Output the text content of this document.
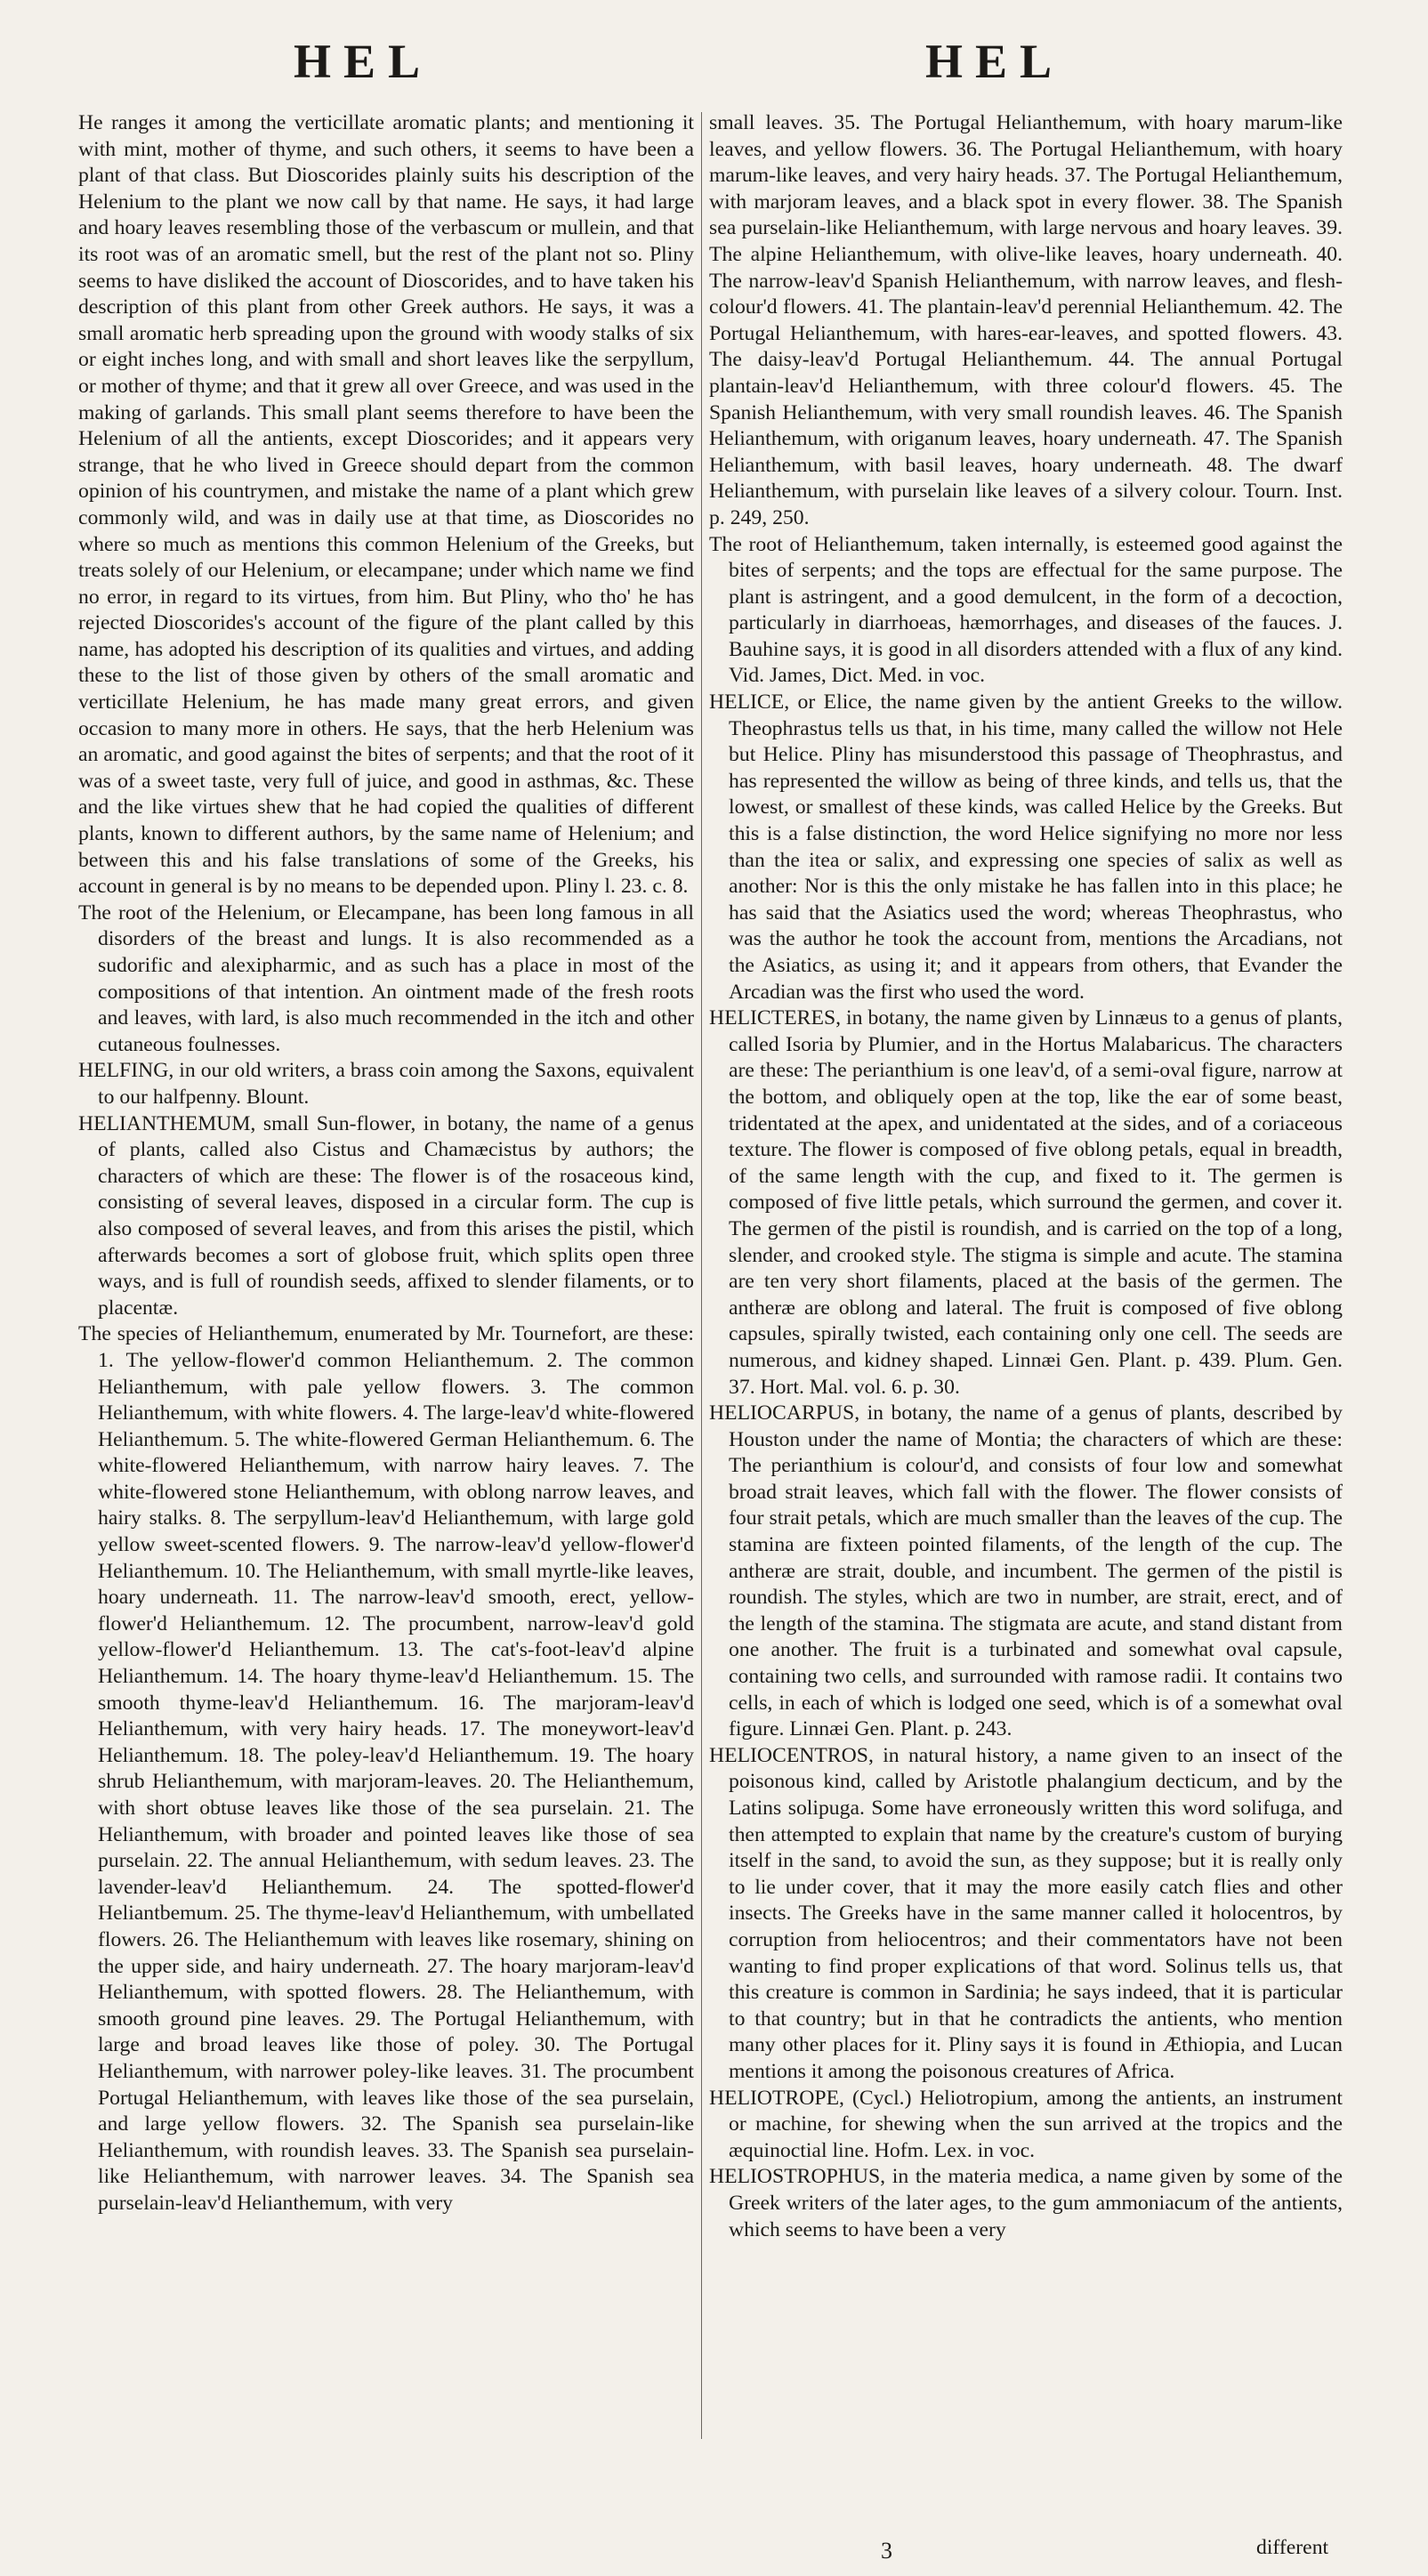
HEL	HEL

He ranges it among the verticillate aromatic plants; and mentioning it with mint, mother of thyme, and such others, it seems to have been a plant of that class. But Dioscorides plainly suits his description of the Helenium to the plant we now call by that name. He says, it had large and hoary leaves resembling those of the verbascum or mullein, and that its root was of an aromatic smell, but the rest of the plant not so. Pliny seems to have disliked the account of Dioscorides, and to have taken his description of this plant from other Greek authors. He says, it was a small aromatic herb spreading upon the ground with woody stalks of six or eight inches long, and with small and short leaves like the serpyllum, or mother of thyme; and that it grew all over Greece, and was used in the making of garlands. This small plant seems therefore to have been the Helenium of all the antients, except Dioscorides; and it appears very strange, that he who lived in Greece should depart from the common opinion of his countrymen, and mistake the name of a plant which grew commonly wild, and was in daily use at that time, as Dioscorides no where so much as mentions this common Helenium of the Greeks, but treats solely of our Helenium, or elecampane; under which name we find no error, in regard to its virtues, from him. But Pliny, who tho' he has rejected Dioscorides's account of the figure of the plant called by this name, has adopted his description of its qualities and virtues, and adding these to the list of those given by others of the small aromatic and verticillate Helenium, he has made many great errors, and given occasion to many more in others. He says, that the herb Helenium was an aromatic, and good against the bites of serpents; and that the root of it was of a sweet taste, very full of juice, and good in asthmas, &c. These and the like virtues shew that he had copied the qualities of different plants, known to different authors, by the same name of Helenium; and between this and his false translations of some of the Greeks, his account in general is by no means to be depended upon. Pliny l. 23. c. 8.

The root of the Helenium, or Elecampane, has been long famous in all disorders of the breast and lungs. It is also recommended as a sudorific and alexipharmic, and as such has a place in most of the compositions of that intention. An ointment made of the fresh roots and leaves, with lard, is also much recommended in the itch and other cutaneous foulnesses.

HELFING, in our old writers, a brass coin among the Saxons, equivalent to our halfpenny. Blount.

HELIANTHEMUM, small Sun-flower, in botany, the name of a genus of plants, called also Cistus and Chamæcistus by authors; the characters of which are these: The flower is of the rosaceous kind, consisting of several leaves, disposed in a circular form. The cup is also composed of several leaves, and from this arises the pistil, which afterwards becomes a sort of globose fruit, which splits open three ways, and is full of roundish seeds, affixed to slender filaments, or to placentæ.

The species of Helianthemum, enumerated by Mr. Tournefort, are these: 1. The yellow-flower'd common Helianthemum. 2. The common Helianthemum, with pale yellow flowers. 3. The common Helianthemum, with white flowers. 4. The large-leav'd white-flowered Helianthemum. 5. The white-flowered German Helianthemum. 6. The white-flowered Helianthemum, with narrow hairy leaves. 7. The white-flowered stone Helianthemum, with oblong narrow leaves, and hairy stalks. 8. The serpyllum-leav'd Helianthemum, with large gold yellow sweet-scented flowers. 9. The narrow-leav'd yellow-flower'd Helianthemum. 10. The Helianthemum, with small myrtle-like leaves, hoary underneath. 11. The narrow-leav'd smooth, erect, yellow-flower'd Helianthemum. 12. The procumbent, narrow-leav'd gold yellow-flower'd Helianthemum. 13. The cat's-foot-leav'd alpine Helianthemum. 14. The hoary thyme-leav'd Helianthemum. 15. The smooth thyme-leav'd Helianthemum. 16. The marjoram-leav'd Helianthemum, with very hairy heads. 17. The moneywort-leav'd Helianthemum. 18. The poley-leav'd Helianthemum. 19. The hoary shrub Helianthemum, with marjoram-leaves. 20. The Helianthemum, with short obtuse leaves like those of the sea purselain. 21. The Helianthemum, with broader and pointed leaves like those of sea purselain. 22. The annual Helianthemum, with sedum leaves. 23. The lavender-leav'd Helianthemum. 24. The spotted-flower'd Heliantbemum. 25. The thyme-leav'd Helianthemum, with umbellated flowers. 26. The Helianthemum with leaves like rosemary, shining on the upper side, and hairy underneath. 27. The hoary marjoram-leav'd Helianthemum, with spotted flowers. 28. The Helianthemum, with smooth ground pine leaves. 29. The Portugal Helianthemum, with large and broad leaves like those of poley. 30. The Portugal Helianthemum, with narrower poley-like leaves. 31. The procumbent Portugal Helianthemum, with leaves like those of the sea purselain, and large yellow flowers. 32. The Spanish sea purselain-like Helianthemum, with roundish leaves. 33. The Spanish sea purselain-like Helianthemum, with narrower leaves. 34. The Spanish sea purselain-leav'd Helianthemum, with very

small leaves. 35. The Portugal Helianthemum, with hoary marum-like leaves, and yellow flowers. 36. The Portugal Helianthemum, with hoary marum-like leaves, and very hairy heads. 37. The Portugal Helianthemum, with marjoram leaves, and a black spot in every flower. 38. The Spanish sea purselain-like Helianthemum, with large nervous and hoary leaves. 39. The alpine Helianthemum, with olive-like leaves, hoary underneath. 40. The narrow-leav'd Spanish Helianthemum, with narrow leaves, and flesh-colour'd flowers. 41. The plantain-leav'd perennial Helianthemum. 42. The Portugal Helianthemum, with hares-ear-leaves, and spotted flowers. 43. The daisy-leav'd Portugal Helianthemum. 44. The annual Portugal plantain-leav'd Helianthemum, with three colour'd flowers. 45. The Spanish Helianthemum, with very small roundish leaves. 46. The Spanish Helianthemum, with origanum leaves, hoary underneath. 47. The Spanish Helianthemum, with basil leaves, hoary underneath. 48. The dwarf Helianthemum, with purselain like leaves of a silvery colour. Tourn. Inst. p. 249, 250.

The root of Helianthemum, taken internally, is esteemed good against the bites of serpents; and the tops are effectual for the same purpose. The plant is astringent, and a good demulcent, in the form of a decoction, particularly in diarrhoeas, hæmorrhages, and diseases of the fauces. J. Bauhine says, it is good in all disorders attended with a flux of any kind. Vid. James, Dict. Med. in voc.

HELICE, or Elice, the name given by the antient Greeks to the willow. Theophrastus tells us that, in his time, many called the willow not Hele but Helice. Pliny has misunderstood this passage of Theophrastus, and has represented the willow as being of three kinds, and tells us, that the lowest, or smallest of these kinds, was called Helice by the Greeks. But this is a false distinction, the word Helice signifying no more nor less than the itea or salix, and expressing one species of salix as well as another: Nor is this the only mistake he has fallen into in this place; he has said that the Asiatics used the word; whereas Theophrastus, who was the author he took the account from, mentions the Arcadians, not the Asiatics, as using it; and it appears from others, that Evander the Arcadian was the first who used the word.

HELICTERES, in botany, the name given by Linnæus to a genus of plants, called Isoria by Plumier, and in the Hortus Malabaricus. The characters are these: The perianthium is one leav'd, of a semi-oval figure, narrow at the bottom, and obliquely open at the top, like the ear of some beast, tridentated at the apex, and unidentated at the sides, and of a coriaceous texture. The flower is composed of five oblong petals, equal in breadth, of the same length with the cup, and fixed to it. The germen is composed of five little petals, which surround the germen, and cover it. The germen of the pistil is roundish, and is carried on the top of a long, slender, and crooked style. The stigma is simple and acute. The stamina are ten very short filaments, placed at the basis of the germen. The antheræ are oblong and lateral. The fruit is composed of five oblong capsules, spirally twisted, each containing only one cell. The seeds are numerous, and kidney shaped. Linnæi Gen. Plant. p. 439. Plum. Gen. 37. Hort. Mal. vol. 6. p. 30.

HELIOCARPUS, in botany, the name of a genus of plants, described by Houston under the name of Montia; the characters of which are these: The perianthium is colour'd, and consists of four low and somewhat broad strait leaves, which fall with the flower. The flower consists of four strait petals, which are much smaller than the leaves of the cup. The stamina are fixteen pointed filaments, of the length of the cup. The antheræ are strait, double, and incumbent. The germen of the pistil is roundish. The styles, which are two in number, are strait, erect, and of the length of the stamina. The stigmata are acute, and stand distant from one another. The fruit is a turbinated and somewhat oval capsule, containing two cells, and surrounded with ramose radii. It contains two cells, in each of which is lodged one seed, which is of a somewhat oval figure. Linnæi Gen. Plant. p. 243.

HELIOCENTROS, in natural history, a name given to an insect of the poisonous kind, called by Aristotle phalangium decticum, and by the Latins solipuga. Some have erroneously written this word solifuga, and then attempted to explain that name by the creature's custom of burying itself in the sand, to avoid the sun, as they suppose; but it is really only to lie under cover, that it may the more easily catch flies and other insects. The Greeks have in the same manner called it holocentros, by corruption from heliocentros; and their commentators have not been wanting to find proper explications of that word. Solinus tells us, that this creature is common in Sardinia; he says indeed, that it is particular to that country; but in that he contradicts the antients, who mention many other places for it. Pliny says it is found in Æthiopia, and Lucan mentions it among the poisonous creatures of Africa.

HELIOTROPE, (Cycl.) Heliotropium, among the antients, an instrument or machine, for shewing when the sun arrived at the tropics and the æquinoctial line. Hofm. Lex. in voc.

HELIOSTROPHUS, in the materia medica, a name given by some of the Greek writers of the later ages, to the gum ammoniacum of the antients, which seems to have been a very

3	different
